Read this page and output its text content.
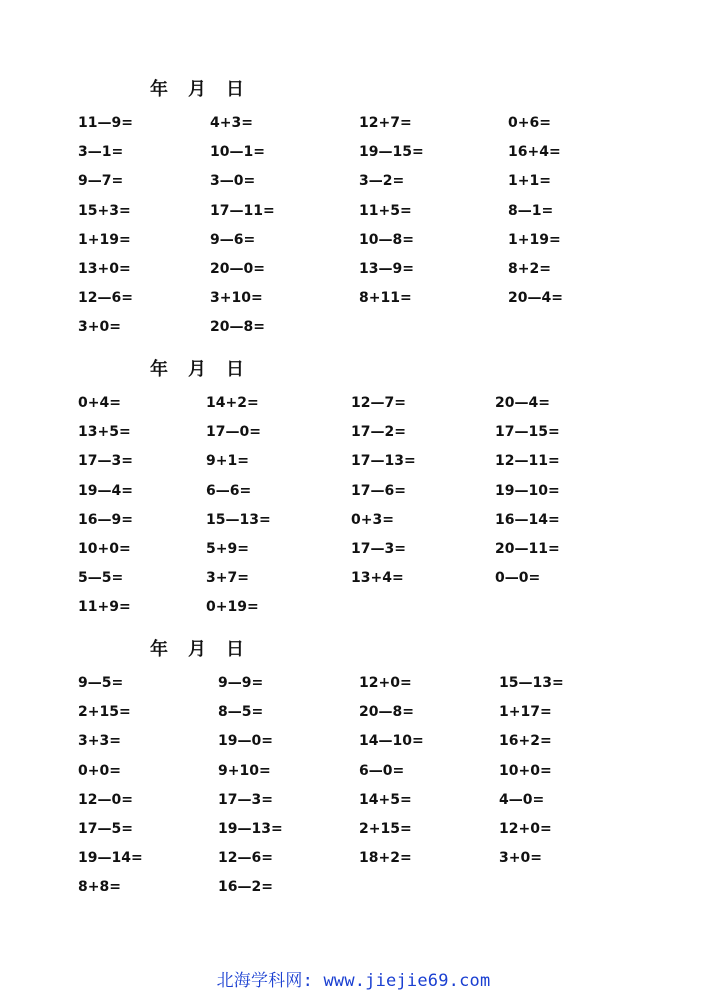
年 月 日
11—9=
3—1=
9—7=
15+3=
1+19=
13+0=
12—6=
3+0=
4+3=
10—1=
3—0=
17—11=
9—6=
20—0=
3+10=
20—8=
12+7=
19—15=
3—2=
11+5=
10—8=
13—9=
8+11=
0+6=
16+4=
1+1=
8—1=
1+19=
8+2=
20—4=
年 月 日
0+4=
13+5=
17—3=
19—4=
16—9=
10+0=
5—5=
11+9=
14+2=
17—0=
9+1=
6—6=
15—13=
5+9=
3+7=
0+19=
12—7=
17—2=
17—13=
17—6=
0+3=
17—3=
13+4=
20—4=
17—15=
12—11=
19—10=
16—14=
20—11=
0—0=
年 月 日
9—5=
2+15=
3+3=
0+0=
12—0=
17—5=
19—14=
8+8=
9—9=
8—5=
19—0=
9+10=
17—3=
19—13=
12—6=
16—2=
12+0=
20—8=
14—10=
6—0=
14+5=
2+15=
18+2=
15—13=
1+17=
16+2=
10+0=
4—0=
12+0=
3+0=
北海学科网: www.jiejie69.com
